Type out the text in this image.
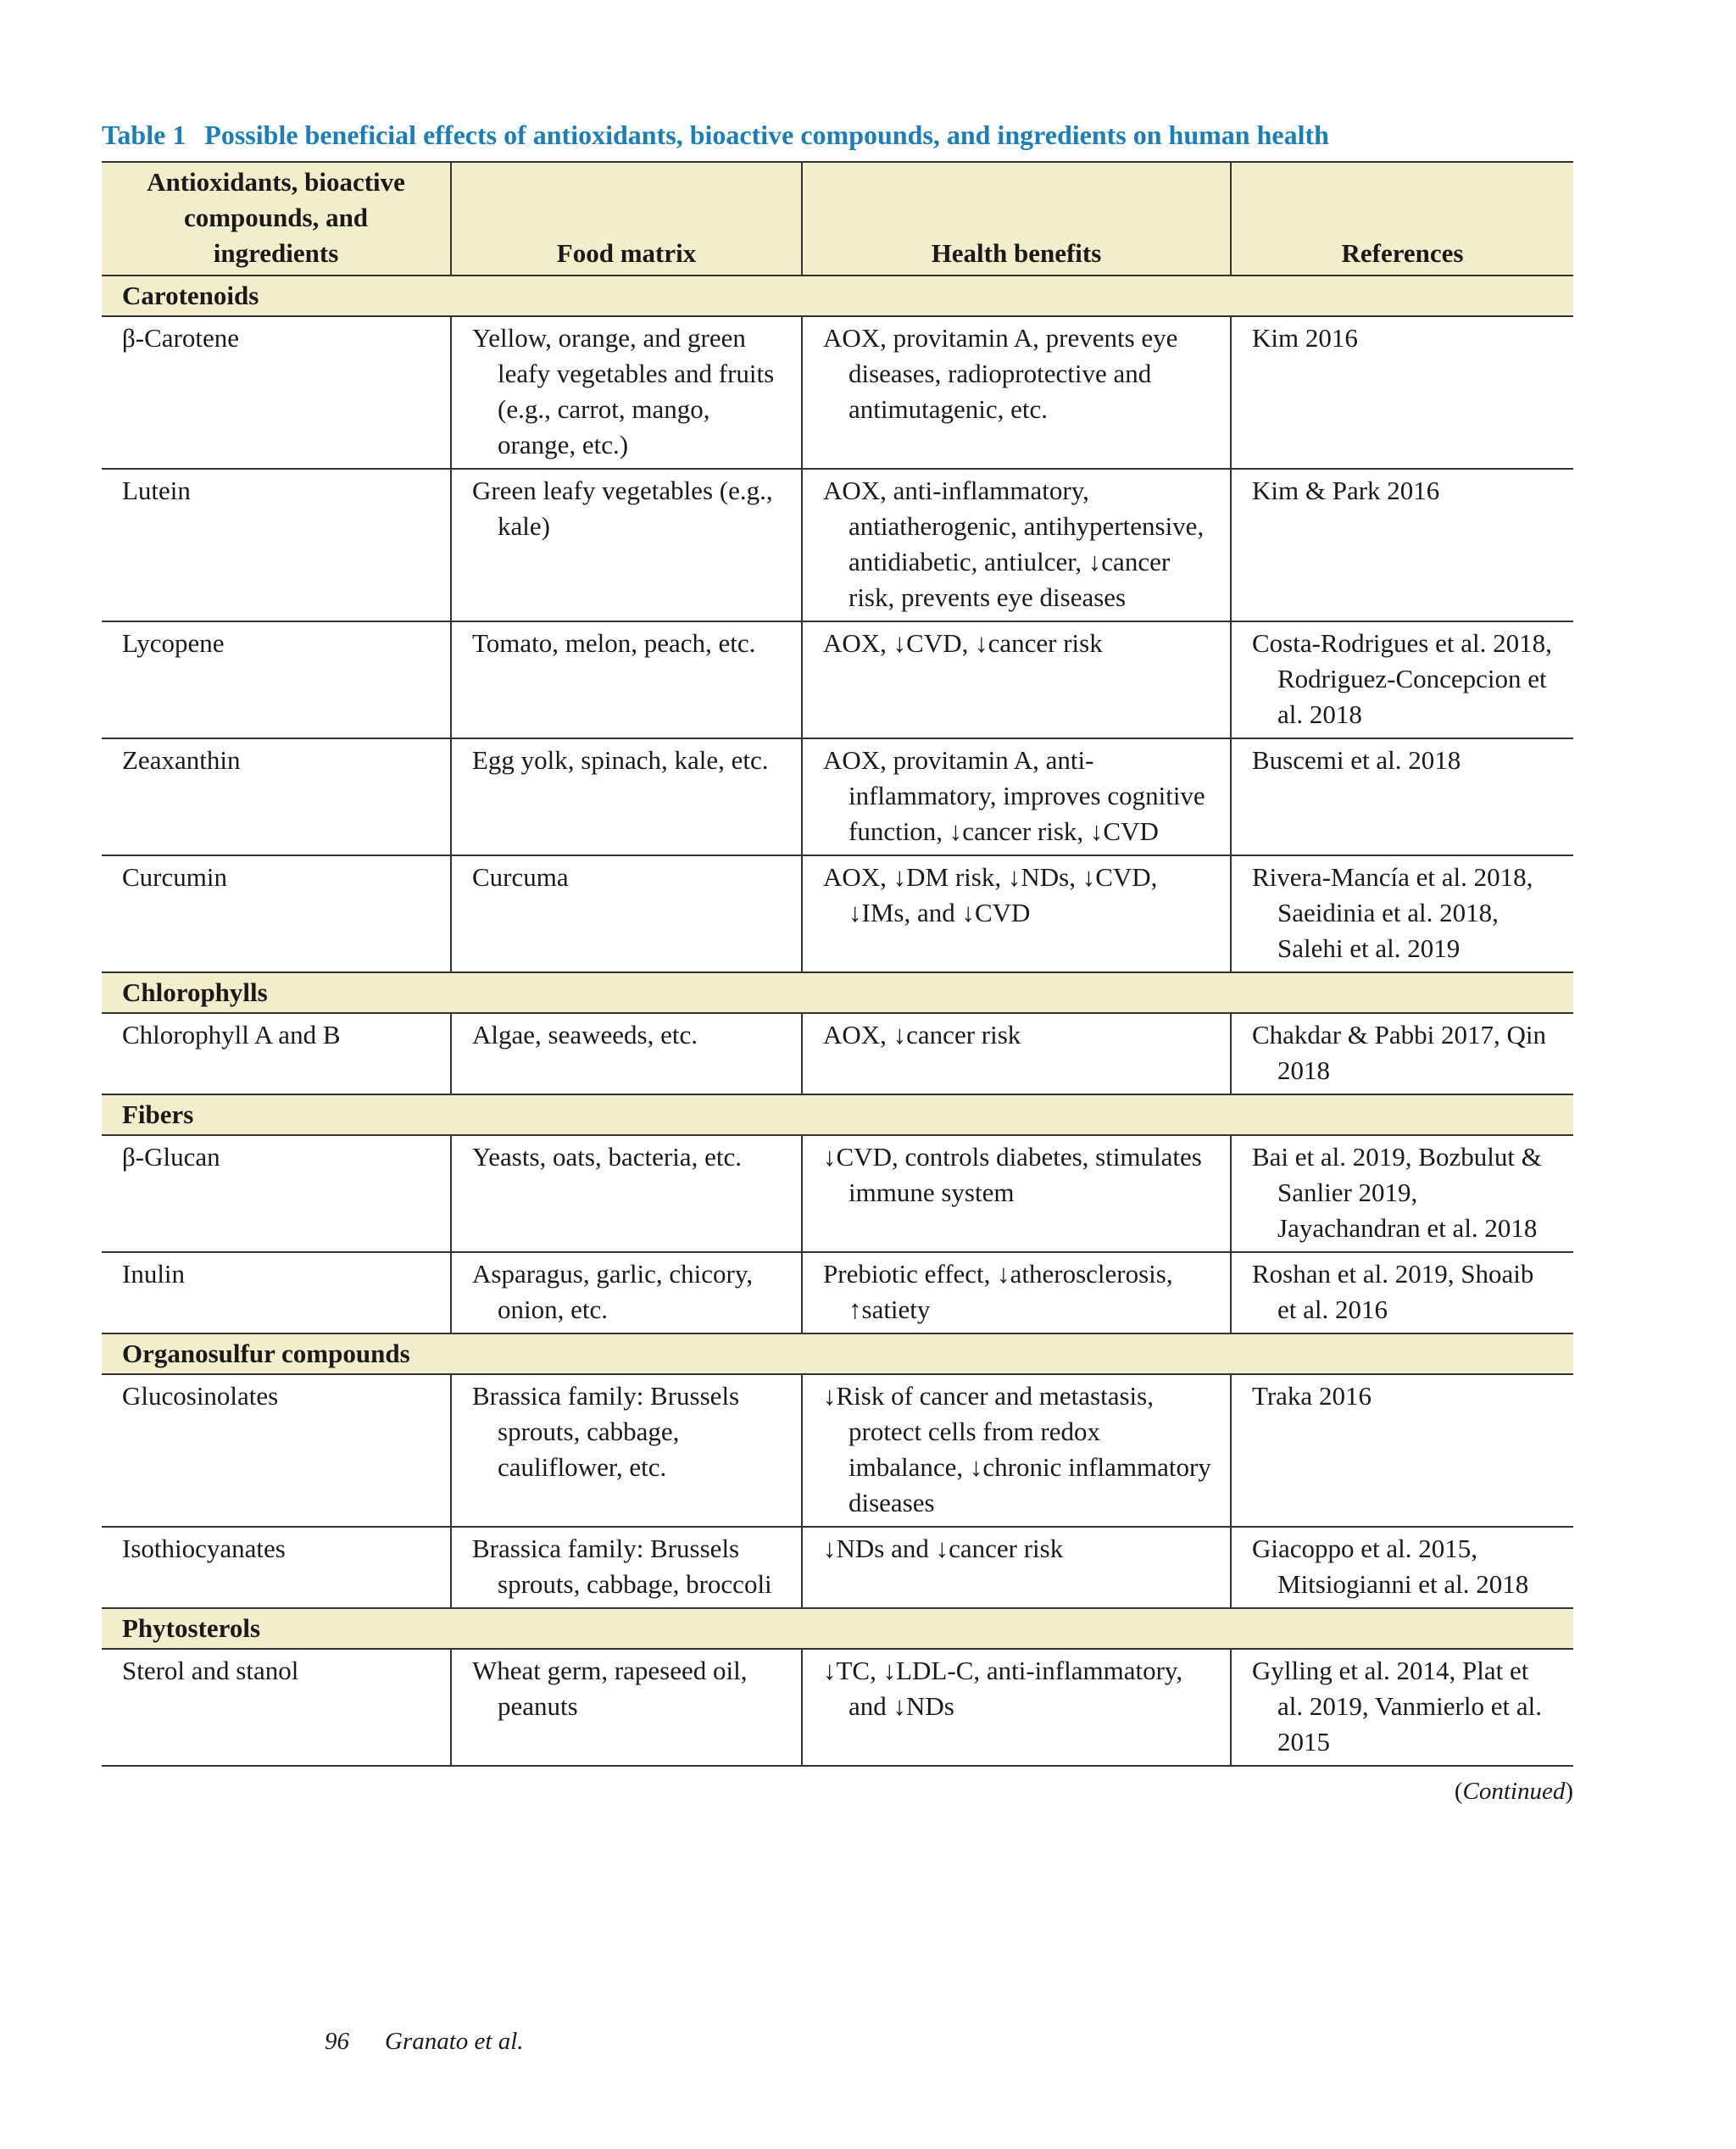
Table 1 Possible beneficial effects of antioxidants, bioactive compounds, and ingredients on human health
Antioxidants, bioactive compounds, and ingredients	Food matrix	Health benefits	References
Carotenoids			
β-Carotene	Yellow, orange, and green leafy vegetables and fruits (e.g., carrot, mango, orange, etc.)	AOX, provitamin A, prevents eye diseases, radioprotective and antimutagenic, etc.	Kim 2016
Lutein	Green leafy vegetables (e.g., kale)	AOX, anti-inflammatory, antiatherogenic, antihypertensive, antidiabetic, antiulcer, ↓cancer risk, prevents eye diseases	Kim & Park 2016
Lycopene	Tomato, melon, peach, etc.	AOX, ↓CVD, ↓cancer risk	Costa-Rodrigues et al. 2018, Rodriguez-Concepcion et al. 2018
Zeaxanthin	Egg yolk, spinach, kale, etc.	AOX, provitamin A, anti-inflammatory, improves cognitive function, ↓cancer risk, ↓CVD	Buscemi et al. 2018
Curcumin	Curcuma	AOX, ↓DM risk, ↓NDs, ↓CVD, ↓IMs, and ↓CVD	Rivera-Mancía et al. 2018, Saeidinia et al. 2018, Salehi et al. 2019
Chlorophylls			
Chlorophyll A and B	Algae, seaweeds, etc.	AOX, ↓cancer risk	Chakdar & Pabbi 2017, Qin 2018
Fibers			
β-Glucan	Yeasts, oats, bacteria, etc.	↓CVD, controls diabetes, stimulates immune system	Bai et al. 2019, Bozbulut & Sanlier 2019, Jayachandran et al. 2018
Inulin	Asparagus, garlic, chicory, onion, etc.	Prebiotic effect, ↓atherosclerosis, ↑satiety	Roshan et al. 2019, Shoaib et al. 2016
Organosulfur compounds			
Glucosinolates	Brassica family: Brussels sprouts, cabbage, cauliflower, etc.	↓Risk of cancer and metastasis, protect cells from redox imbalance, ↓chronic inflammatory diseases	Traka 2016
Isothiocyanates	Brassica family: Brussels sprouts, cabbage, broccoli	↓NDs and ↓cancer risk	Giacoppo et al. 2015, Mitsiogianni et al. 2018
Phytosterols			
Sterol and stanol	Wheat germ, rapeseed oil, peanuts	↓TC, ↓LDL-C, anti-inflammatory, and ↓NDs	Gylling et al. 2014, Plat et al. 2019, Vanmierlo et al. 2015
(Continued)
96 Granato et al.
